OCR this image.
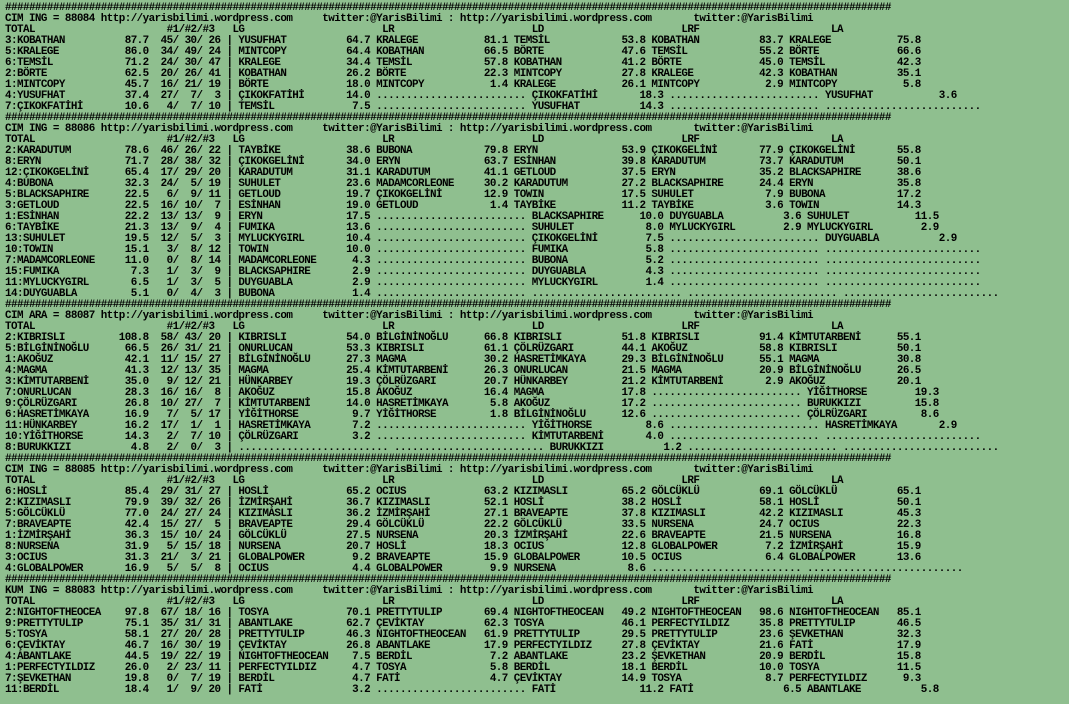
####################################################################################################################################################
CIM ING = 88084 http://yarisbilimi.wordpress.com     twitter:@YarisBilimi : http://yarisbilimi.wordpress.com       twitter:@YarisBilimi
TOTAL                      #1/#2/#3   LG                       LR                       LD                       LRF                      LA
3:KOBATHAN          87.7  45/ 30/ 26 | YUSUFHAT          64.7 KRALEGE           81.1 TEMSİL            53.8 KOBATHAN          83.7 KRALEGE           75.8
5:KRALEGE           86.0  34/ 49/ 24 | MINTCOPY          64.4 KOBATHAN          66.5 BÖRTE             47.6 TEMSİL            55.2 BÖRTE             66.6
6:TEMSİL            71.2  24/ 30/ 47 | KRALEGE           34.4 TEMSİL            57.8 KOBATHAN          41.2 BÖRTE             45.0 TEMSİL            42.3
2:BÖRTE             62.5  20/ 26/ 41 | KOBATHAN          26.2 BÖRTE             22.3 MINTCOPY          27.8 KRALEGE           42.3 KOBATHAN          35.1
1:MINTCOPY          45.7  16/ 21/ 19 | BÖRTE             18.0 MINTCOPY           1.4 KRALEGE           26.1 MINTCOPY           2.9 MINTCOPY           5.8
4:YUSUFHAT          37.4  27/  7/  3 | ÇIKOKFATİHİ       14.0 ......................... ÇIKOKFATİHİ       18.3 ......................... YUSUFHAT           3.6
7:ÇIKOKFATİHİ       10.6   4/  7/ 10 | TEMSİL             7.5 ......................... YUSUFHAT          14.3 ......................... ..........................
####################################################################################################################################################
CIM ING = 88086 http://yarisbilimi.wordpress.com     twitter:@YarisBilimi : http://yarisbilimi.wordpress.com       twitter:@YarisBilimi
TOTAL                      #1/#2/#3   LG                       LR                       LD                       LRF                      LA
2:KARADUTUM         78.6  46/ 26/ 22 | TAYBİKE           38.6 BUBONA            79.8 ERYN              53.9 ÇIKOKGELİNİ       77.9 ÇIKOKGELİNİ       55.8
8:ERYN              71.7  28/ 38/ 32 | ÇIKOKGELİNİ       34.0 ERYN              63.7 ESİNHAN           39.8 KARADUTUM         73.7 KARADUTUM         50.1
12:ÇIKOKGELİNİ      65.4  17/ 29/ 20 | KARADUTUM         31.1 KARADUTUM         41.1 GETLOUD           37.5 ERYN              35.2 BLACKSAPHIRE      38.6
4:BUBONA            32.3  24/  5/ 19 | SUHULET           23.6 MADAMCORLEONE     30.2 KARADUTUM         27.2 BLACKSAPHIRE      24.4 ERYN              35.8
5:BLACKSAPHIRE      22.5   6/  9/ 11 | GETLOUD           19.7 ÇIKOKGELİNİ       12.9 TOWIN             17.5 SUHULET            7.9 BUBONA            17.2
3:GETLOUD           22.5  16/ 10/  7 | ESİNHAN           19.0 GETLOUD            1.4 TAYBİKE           11.2 TAYBİKE            3.6 TOWIN             14.3
1:ESİNHAN           22.2  13/ 13/  9 | ERYN              17.5 ......................... BLACKSAPHIRE      10.0 DUYGUABLA          3.6 SUHULET           11.5
6:TAYBİKE           21.3  13/  9/  4 | FUMIKA            13.6 ......................... SUHULET            8.0 MYLUCKYGIRL        2.9 MYLUCKYGIRL        2.9
13:SUHULET          19.5  12/  5/  3 | MYLUCKYGIRL       10.4 ......................... ÇIKOKGELİNİ        7.5 ......................... DUYGUABLA          2.9
10:TOWIN            15.1   3/  8/ 12 | TOWIN             10.0 ......................... FUMIKA             5.8 ......................... ..........................
7:MADAMCORLEONE     11.0   0/  8/ 14 | MADAMCORLEONE      4.3 ......................... BUBONA             5.2 ......................... ..........................
15:FUMIKA            7.3   1/  3/  9 | BLACKSAPHIRE       2.9 ......................... DUYGUABLA          4.3 ......................... ..........................
11:MYLUCKYGIRL       6.5   1/  3/  5 | DUYGUABLA          2.9 ......................... MYLUCKYGIRL        1.4 ......................... ..........................
14:DUYGUABLA         5.1   0/  4/  3 | BUBONA             1.4 ......................... ......................... ......................... ..........................
####################################################################################################################################################
CIM ARA = 88087 http://yarisbilimi.wordpress.com     twitter:@YarisBilimi : http://yarisbilimi.wordpress.com       twitter:@YarisBilimi
TOTAL                      #1/#2/#3   LG                       LR                       LD                       LRF                      LA
2:KIBRISLI         108.8  58/ 43/ 20 | KIBRISLI          54.0 BİLGİNİNOĞLU      66.8 KIBRISLI          51.8 KIBRISLI          91.4 KİMTUTARBENİ      55.1
5:BİLGİNİNOĞLU      66.5  26/ 31/ 21 | ONURLUCAN         53.3 KIBRISLI          61.1 ÇÖLRÜZGARI        44.1 AKOĞUZ            58.8 KIBRISLI          50.1
1:AKOĞUZ            42.1  11/ 15/ 27 | BİLGİNİNOĞLU      27.3 MAGMA             30.2 HASRETİMKAYA      29.3 BİLGİNİNOĞLU      55.1 MAGMA             30.8
4:MAGMA             41.3  12/ 13/ 35 | MAGMA             25.4 KİMTUTARBENİ      26.3 ONURLUCAN         21.5 MAGMA             20.9 BİLGİNİNOĞLU      26.5
3:KİMTUTARBENİ      35.0   9/ 12/ 21 | HÜNKARBEY         19.3 ÇÖLRÜZGARI        20.7 HÜNKARBEY         21.2 KİMTUTARBENİ       2.9 AKOĞUZ            20.1
7:ONURLUCAN         28.3  16/ 16/  8 | AKOĞUZ            15.8 AKOĞUZ            16.4 MAGMA             17.8 ......................... YİĞİTHORSE        19.3
9:ÇÖLRÜZGARI        26.8  10/ 27/  7 | KİMTUTARBENİ      14.0 HASRETİMKAYA       5.8 AKOĞUZ            17.2 ......................... BURUKKIZI         15.8
6:HASRETİMKAYA      16.9   7/  5/ 17 | YİĞİTHORSE         9.7 YİĞİTHORSE         1.8 BİLGİNİNOĞLU      12.6 ......................... ÇÖLRÜZGARI         8.6
11:HÜNKARBEY        16.2  17/  1/  1 | HASRETİMKAYA       7.2 ......................... YİĞİTHORSE         8.6 ......................... HASRETİMKAYA       2.9
10:YİĞİTHORSE       14.3   2/  7/ 10 | ÇÖLRÜZGARI         3.2 ......................... KİMTUTARBENİ       4.0 ......................... ..........................
8:BURUKKIZI          4.8   2/  0/  3 | ......................... ......................... BURUKKIZI          1.2 ......................... ..........................
####################################################################################################################################################
CIM ING = 88085 http://yarisbilimi.wordpress.com     twitter:@YarisBilimi : http://yarisbilimi.wordpress.com       twitter:@YarisBilimi
TOTAL                      #1/#2/#3   LG                       LR                       LD                       LRF                      LA
6:HOSLİ             85.4  29/ 31/ 27 | HOSLİ             65.2 OCIUS             63.2 KIZIMASLI         65.2 GÖLCÜKLÜ          69.1 GÖLCÜKLÜ          65.1
2:KIZIMASLI         79.9  39/ 32/ 26 | İZMİRŞAHİ         36.7 KIZIMASLI         52.1 HOSLİ             38.2 HOSLİ             58.1 HOSLİ             50.1
5:GÖLCÜKLÜ          77.0  24/ 27/ 24 | KIZIMASLI         36.2 İZMİRŞAHİ         27.1 BRAVEAPTE         37.8 KIZIMASLI         42.2 KIZIMASLI         45.3
7:BRAVEAPTE         42.4  15/ 27/  5 | BRAVEAPTE         29.4 GÖLCÜKLÜ          22.2 GÖLCÜKLÜ          33.5 NURSENA           24.7 OCIUS             22.3
1:İZMİRŞAHİ         36.3  15/ 10/ 24 | GÖLCÜKLÜ          27.5 NURSENA           20.3 İZMİRŞAHİ         22.6 BRAVEAPTE         21.5 NURSENA           16.8
8:NURSENA           31.9   5/ 15/ 18 | NURSENA           20.7 HOSLİ             18.3 OCIUS             12.8 GLOBALPOWER        7.2 İZMİRŞAHİ         15.9
3:OCIUS             31.3  21/  3/ 21 | GLOBALPOWER        9.2 BRAVEAPTE         15.9 GLOBALPOWER       10.5 OCIUS              6.4 GLOBALPOWER       13.6
4:GLOBALPOWER       16.9   5/  5/  8 | OCIUS              4.4 GLOBALPOWER        9.9 NURSENA            8.6 ......................... ..........................
####################################################################################################################################################
KUM ING = 88083 http://yarisbilimi.wordpress.com     twitter:@YarisBilimi : http://yarisbilimi.wordpress.com       twitter:@YarisBilimi
TOTAL                      #1/#2/#3   LG                       LR                       LD                       LRF                      LA
2:NIGHTOFTHEOCEA    97.8  67/ 18/ 16 | TOSYA             70.1 PRETTYTULIP       69.4 NIGHTOFTHEOCEAN   49.2 NIGHTOFTHEOCEAN   98.6 NIGHTOFTHEOCEAN   85.1
9:PRETTYTULIP       75.1  35/ 31/ 31 | ABANTLAKE         62.7 ÇEVİKTAY          62.3 TOSYA             46.1 PERFECTYILDIZ     35.8 PRETTYTULIP       46.5
5:TOSYA             58.1  27/ 20/ 28 | PRETTYTULIP       46.3 NIGHTOFTHEOCEAN   61.9 PRETTYTULIP       29.5 PRETTYTULIP       23.6 ŞEVKETHAN         32.3
6:ÇEVİKTAY          46.7  16/ 30/ 19 | ÇEVİKTAY          26.8 ABANTLAKE         17.9 PERFECTYILDIZ     27.8 ÇEVİKTAY          21.6 FATİ              17.9
4:ABANTLAKE         44.5  19/ 22/ 19 | NIGHTOFTHEOCEAN    7.5 BERDİL             7.2 ABANTLAKE         23.2 ŞEVKETHAN         20.9 BERDİL            15.8
1:PERFECTYILDIZ     26.0   2/ 23/ 11 | PERFECTYILDIZ      4.7 TOSYA              5.8 BERDİL            18.1 BERDİL            10.0 TOSYA             11.5
7:ŞEVKETHAN         19.8   0/  7/ 19 | BERDİL             4.7 FATİ               4.7 ÇEVİKTAY          14.9 TOSYA              8.7 PERFECTYILDIZ      9.3
11:BERDİL           18.4   1/  9/ 20 | FATİ               3.2 ......................... FATİ              11.2 FATİ               6.5 ABANTLAKE          5.8
